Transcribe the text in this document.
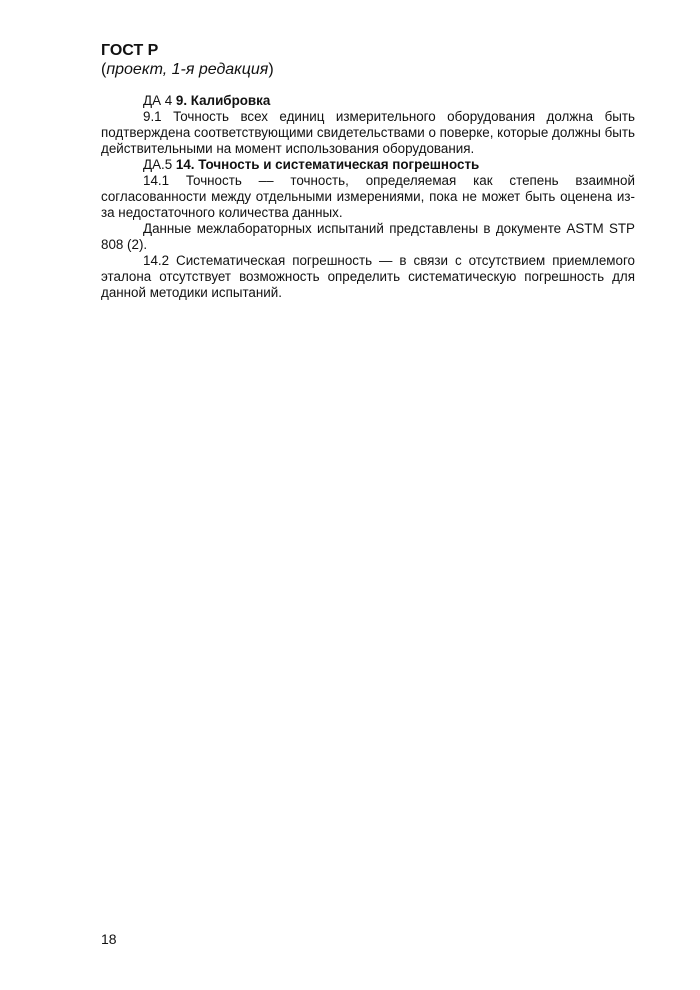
ГОСТ Р

(проект, 1-я редакция)

ДА 4 9. Калибровка

9.1 Точность всех единиц измерительного оборудования должна быть подтверждена соответствующими свидетельствами о поверке, которые должны быть действительными на момент использования оборудования.

ДА.5 14. Точность и систематическая погрешность

14.1 Точность –– точность, определяемая как степень взаимной согласованности между отдельными измерениями, пока не может быть оценена из-за недостаточного количества данных.

Данные межлабораторных испытаний представлены в документе ASTM STP 808 (2).

14.2 Систематическая погрешность — в связи с отсутствием приемлемого эталона отсутствует возможность определить систематическую погрешность для данной методики испытаний.

18
